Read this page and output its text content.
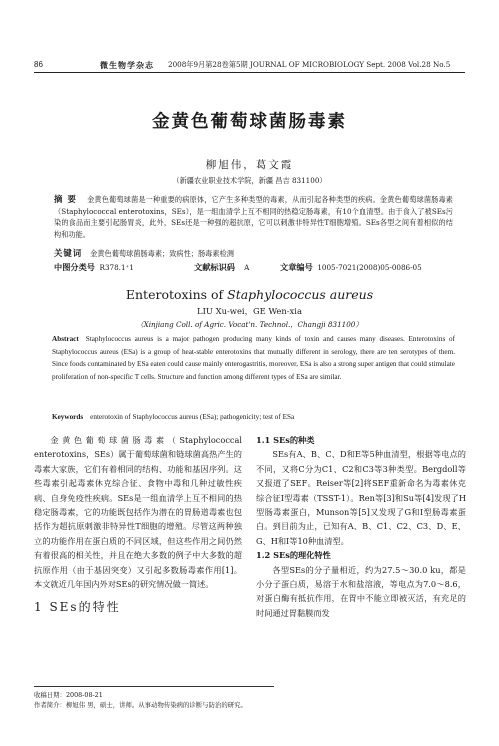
86	微生物学杂志 2008年9月第28卷第5期 JOURNAL OF MICROBIOLOGY Sept. 2008 Vol.28 No.5
金黄色葡萄球菌肠毒素
柳旭伟，葛文霞
（新疆农业职业技术学院，新疆 昌吉 831100）
摘 要 金黄色葡萄球菌是一种重要的病原体，它产生多种类型的毒素，从而引起各种类型的疾病。金黄色葡萄球菌肠毒素（Staphylococcal enterotoxins，SEs），是一组血清学上互不相同的热稳定肠毒素，有10个血清型。由于食入了被SEs污染的食品而主要引起肠胃炎，此外，SEs还是一种强的超抗原，它可以刺激非特异性T细胞增殖。SEs各型之间有着相似的结构和功能。
关键词 金黄色葡萄球菌肠毒素；致病性；肠毒素检测
中图分类号 R378.1⁺1	文献标识码 A	文章编号 1005-7021(2008)05-0086-05
Enterotoxins of Staphylococcus aureus
LIU Xu-wei，GE Wen-xia
（Xinjiang Coll. of Agric. Vocat'n. Technol.，Changji 831100）
Abstract Staphylococcus aureus is a major pathogen producing many kinds of toxin and causes many diseases. Enterotoxins of Staphylococcus aureus (ESa) is a group of heat-stable enterotoxins that mutually different in serology, there are ten serotypes of them. Since foods contaminated by ESa eaten could cause mainly enterogastritis, moreover, ESa is also a strong super antigen that could stimulate proliferation of non-specific T cells. Structure and function among different types of ESa are similar.
Keywords enterotoxin of Staphylococcus aureus (ESa); pathogenicity; test of ESa

金黄色葡萄球菌肠毒素（Staphylococcal enterotoxins，SEs）属于葡萄球菌和链球菌高热产生的毒素大家族，它们有着相同的结构、功能和基因序列。这些毒素引起毒素休克综合征、食物中毒和几种过敏性疾病、自身免疫性疾病。SEs是一组血清学上互不相同的热稳定肠毒素，它的功能既包括作为潜在的胃肠道毒素也包括作为超抗原刺激非特异性T细胞的增殖。尽管这两种独立的功能作用在蛋白质的不同区域，但这些作用之间仍然有着很高的相关性，并且在绝大多数的例子中大多数的超抗原作用（由于基因突变）又引起多数肠毒素作用[1]。本文就近几年国内外对SEs的研究情况做一简述。

1 SEs的特性
1.1 SEs的种类

SEs有A、B、C、D和E等5种血清型，根据等电点的不同，又将C分为C1、C2和C3等3种类型。Bergdoll等又报道了SEF。Reiser等[2]将SEF重新命名为毒素休克综合征Ⅰ型毒素（TSST-1）。Ren等[3]和Su等[4]发现了H型肠毒素蛋白，Munson等[5]又发现了G和I型肠毒素蛋白。到目前为止，已知有A、B、C1、C2、C3、D、E、G、H和I等10种血清型。

1.2 SEs的理化特性

各型SEs的分子量相近，约为27.5～30.0 ku，都是小分子蛋白质，易溶于水和盐溶液，等电点为7.0～8.6，对蛋白酶有抵抗作用，在胃中不能立即被灭活，有充足的时间通过胃黏膜而发

收稿日期：2008-08-21
作者简介：柳旭伟 男，硕士，讲师。从事动物传染病的诊断与防治的研究。
